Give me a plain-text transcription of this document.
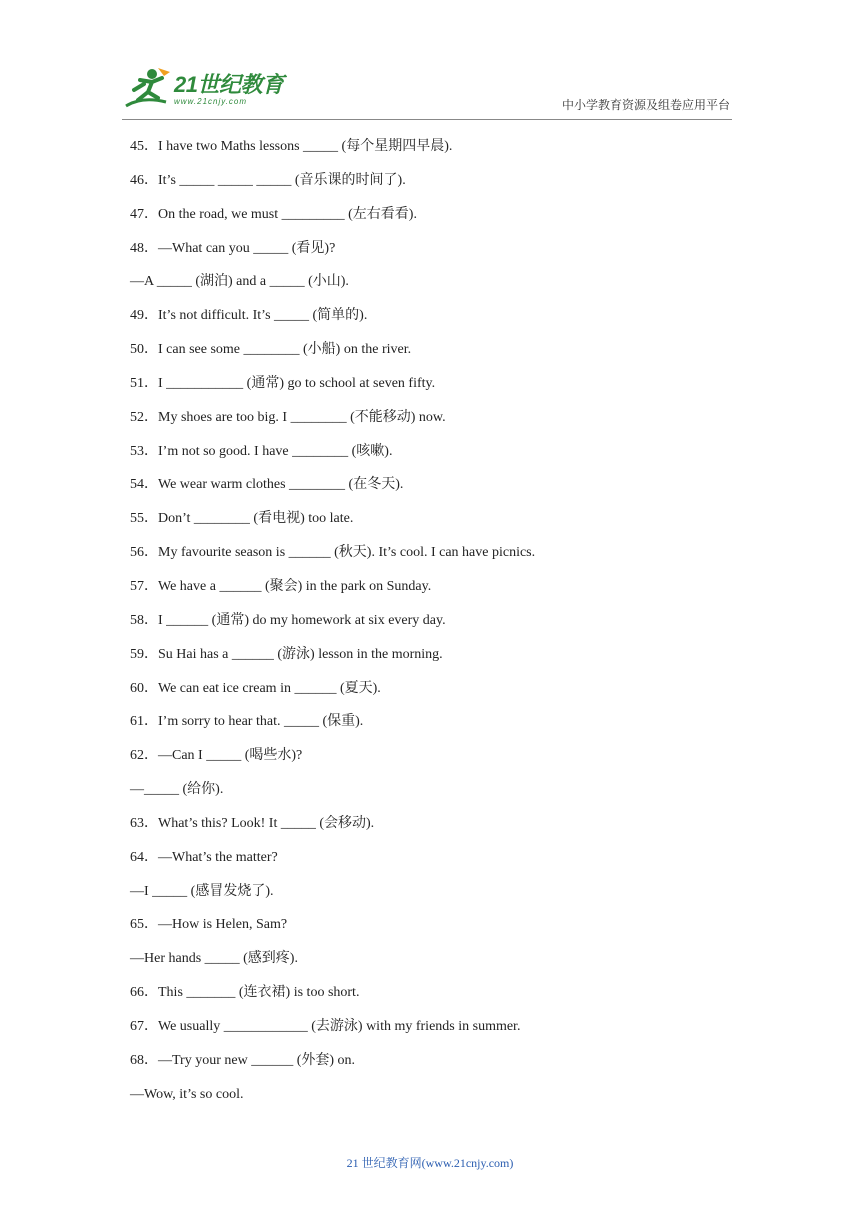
21世纪教育
www.21cnjy.com	中小学教育资源及组卷应用平台
45．I have two Maths lessons _____ (每个星期四早晨).
46．It’s _____ _____ _____ (音乐课的时间了).
47．On the road, we must _________ (左右看看).
48．—What can you _____ (看见)?
—A _____ (湖泊) and a _____ (小山).
49．It’s not difficult. It’s _____ (简单的).
50．I can see some ________ (小船) on the river.
51．I ___________ (通常) go to school at seven fifty.
52．My shoes are too big. I ________ (不能移动) now.
53．I’m not so good. I have ________ (咳嗽).
54．We wear warm clothes ________ (在冬天).
55．Don’t ________ (看电视) too late.
56．My favourite season is ______ (秋天). It’s cool. I can have picnics.
57．We have a ______ (聚会) in the park on Sunday.
58．I ______ (通常) do my homework at six every day.
59．Su Hai has a ______ (游泳) lesson in the morning.
60．We can eat ice cream in ______ (夏天).
61．I’m sorry to hear that. _____ (保重).
62．—Can I _____ (喝些水)?
—_____ (给你).
63．What’s this? Look! It _____ (会移动).
64．—What’s the matter?
—I _____ (感冒发烧了).
65．—How is Helen, Sam?
—Her hands _____ (感到疼).
66．This _______ (连衣裙) is too short.
67．We usually ____________ (去游泳) with my friends in summer.
68．—Try your new ______ (外套) on.
—Wow, it’s so cool.
21 世纪教育网(www.21cnjy.com)
